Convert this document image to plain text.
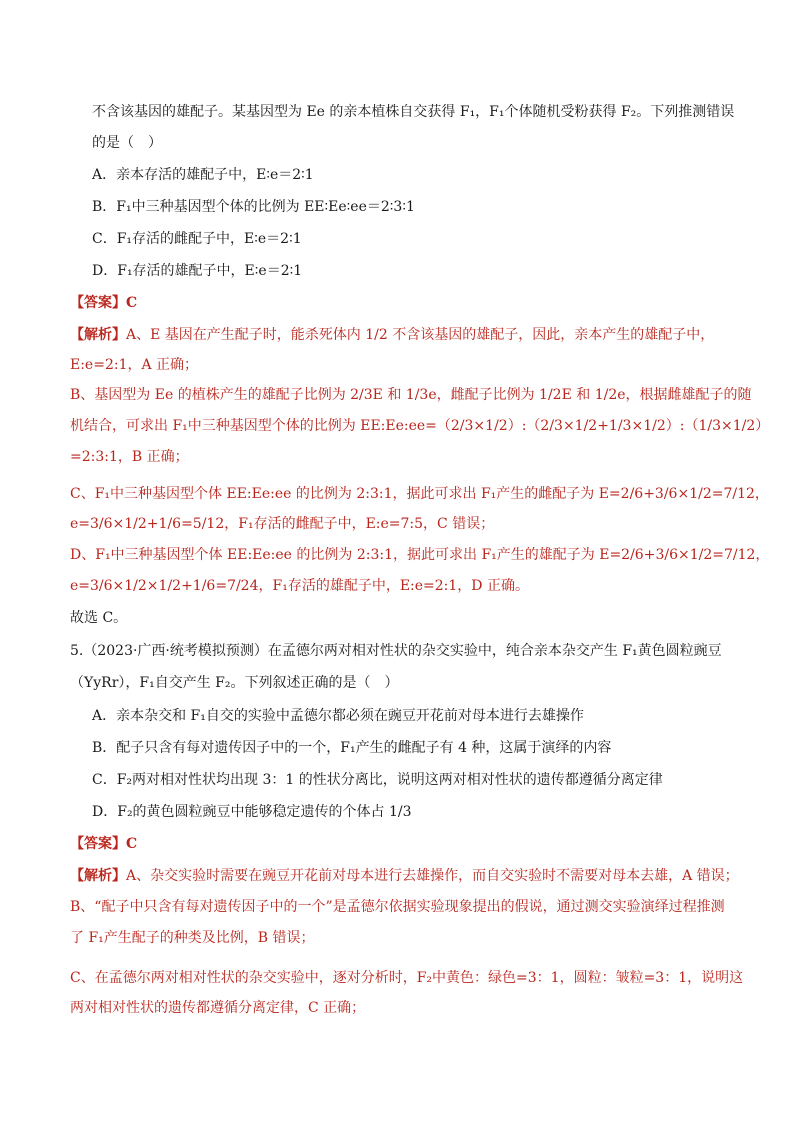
不含该基因的雄配子。某基因型为 Ee 的亲本植株自交获得 F₁，F₁个体随机受粉获得 F₂。下列推测错误
的是（　）
A．亲本存活的雄配子中，E∶e＝2∶1
B．F₁中三种基因型个体的比例为 EE∶Ee∶ee＝2∶3∶1
C．F₁存活的雌配子中，E∶e＝2∶1
D．F₁存活的雄配子中，E∶e＝2∶1
【答案】C
【解析】A、E 基因在产生配子时，能杀死体内 1/2 不含该基因的雄配子，因此，亲本产生的雄配子中，
E:e=2:1，A 正确；
B、基因型为 Ee 的植株产生的雄配子比例为 2/3E 和 1/3e，雌配子比例为 1/2E 和 1/2e，根据雌雄配子的随
机结合，可求出 F₁中三种基因型个体的比例为 EE:Ee:ee=（2/3×1/2）:（2/3×1/2+1/3×1/2）:（1/3×1/2）
=2:3:1，B 正确；
C、F₁中三种基因型个体 EE:Ee:ee 的比例为 2:3:1，据此可求出 F₁产生的雌配子为 E=2/6+3/6×1/2=7/12，
e=3/6×1/2+1/6=5/12，F₁存活的雌配子中，E:e=7:5，C 错误；
D、F₁中三种基因型个体 EE:Ee:ee 的比例为 2:3:1，据此可求出 F₁产生的雄配子为 E=2/6+3/6×1/2=7/12，
e=3/6×1/2×1/2+1/6=7/24，F₁存活的雄配子中，E:e=2:1，D 正确。
故选 C。
5.（2023·广西·统考模拟预测）在孟德尔两对相对性状的杂交实验中，纯合亲本杂交产生 F₁黄色圆粒豌豆
（YyRr），F₁自交产生 F₂。下列叙述正确的是（　）
A．亲本杂交和 F₁自交的实验中孟德尔都必须在豌豆开花前对母本进行去雄操作
B．配子只含有每对遗传因子中的一个，F₁产生的雌配子有 4 种，这属于演绎的内容
C．F₂两对相对性状均出现 3：1 的性状分离比，说明这两对相对性状的遗传都遵循分离定律
D．F₂的黄色圆粒豌豆中能够稳定遗传的个体占 1/3
【答案】C
【解析】A、杂交实验时需要在豌豆开花前对母本进行去雄操作，而自交实验时不需要对母本去雄，A 错误；
B、“配子中只含有每对遗传因子中的一个”是孟德尔依据实验现象提出的假说，通过测交实验演绎过程推测
了 F₁产生配子的种类及比例，B 错误；
C、在孟德尔两对相对性状的杂交实验中，逐对分析时，F₂中黄色：绿色=3：1，圆粒：皱粒=3：1，说明这
两对相对性状的遗传都遵循分离定律，C 正确；
